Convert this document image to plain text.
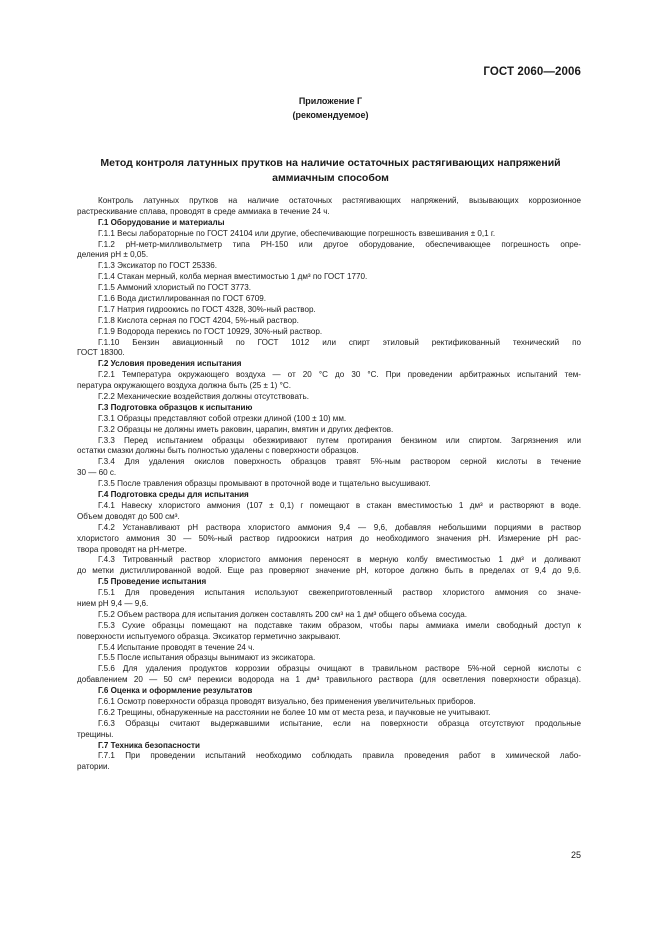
ГОСТ 2060—2006
Приложение Г
(рекомендуемое)
Метод контроля латунных прутков на наличие остаточных растягивающих напряжений
аммиачным способом
Контроль латунных прутков на наличие остаточных растягивающих напряжений, вызывающих коррозионное
растрескивание сплава, проводят в среде аммиака в течение 24 ч.
Г.1 Оборудование и материалы
Г.1.1 Весы лабораторные по ГОСТ 24104 или другие, обеспечивающие погрешность взвешивания ± 0,1 г.
Г.1.2 pH-метр-милливольтметр типа PH-150 или другое оборудование, обеспечивающее погрешность опре-
деления pH ± 0,05.
Г.1.3 Эксикатор по ГОСТ 25336.
Г.1.4 Стакан мерный, колба мерная вместимостью 1 дм³ по ГОСТ 1770.
Г.1.5 Аммоний хлористый по ГОСТ 3773.
Г.1.6 Вода дистиллированная по ГОСТ 6709.
Г.1.7 Натрия гидроокись по ГОСТ 4328, 30%-ный раствор.
Г.1.8 Кислота серная по ГОСТ 4204, 5%-ный раствор.
Г.1.9 Водорода перекись по ГОСТ 10929, 30%-ный раствор.
Г.1.10 Бензин авиационный по ГОСТ 1012 или спирт этиловый ректификованный технический по
ГОСТ 18300.
Г.2 Условия проведения испытания
Г.2.1 Температура окружающего воздуха — от 20 °С до 30 °С. При проведении арбитражных испытаний тем-
пература окружающего воздуха должна быть (25 ± 1) °С.
Г.2.2 Механические воздействия должны отсутствовать.
Г.3 Подготовка образцов к испытанию
Г.3.1 Образцы представляют собой отрезки длиной (100 ± 10) мм.
Г.3.2 Образцы не должны иметь раковин, царапин, вмятин и других дефектов.
Г.3.3 Перед испытанием образцы обезжиривают путем протирания бензином или спиртом. Загрязнения или
остатки смазки должны быть полностью удалены с поверхности образцов.
Г.3.4 Для удаления окислов поверхность образцов травят 5%-ным раствором серной кислоты в течение
30 — 60 с.
Г.3.5 После травления образцы промывают в проточной воде и тщательно высушивают.
Г.4 Подготовка среды для испытания
Г.4.1 Навеску хлористого аммония (107 ± 0,1) г помещают в стакан вместимостью 1 дм³ и растворяют в воде.
Объем доводят до 500 см³.
Г.4.2 Устанавливают pH раствора хлористого аммония 9,4 — 9,6, добавляя небольшими порциями в раствор
хлористого аммония 30 — 50%-ный раствор гидроокиси натрия до необходимого значения pH. Измерение pH рас-
твора проводят на pH-метре.
Г.4.3 Титрованный раствор хлористого аммония переносят в мерную колбу вместимостью 1 дм³ и доливают
до метки дистиллированной водой. Еще раз проверяют значение pH, которое должно быть в пределах от 9,4 до 9,6.
Г.5 Проведение испытания
Г.5.1 Для проведения испытания используют свежеприготовленный раствор хлористого аммония со значе-
нием pH 9,4 — 9,6.
Г.5.2 Объем раствора для испытания должен составлять 200 см³ на 1 дм³ общего объема сосуда.
Г.5.3 Сухие образцы помещают на подставке таким образом, чтобы пары аммиака имели свободный доступ к
поверхности испытуемого образца. Эксикатор герметично закрывают.
Г.5.4 Испытание проводят в течение 24 ч.
Г.5.5 После испытания образцы вынимают из эксикатора.
Г.5.6 Для удаления продуктов коррозии образцы очищают в травильном растворе 5%-ной серной кислоты с
добавлением 20 — 50 см³ перекиси водорода на 1 дм³ травильного раствора (для осветления поверхности образца).
Г.6 Оценка и оформление результатов
Г.6.1 Осмотр поверхности образца проводят визуально, без применения увеличительных приборов.
Г.6.2 Трещины, обнаруженные на расстоянии не более 10 мм от места реза, и паучковые не учитывают.
Г.6.3 Образцы считают выдержавшими испытание, если на поверхности образца отсутствуют продольные
трещины.
Г.7 Техника безопасности
Г.7.1 При проведении испытаний необходимо соблюдать правила проведения работ в химической лабо-
ратории.
25
